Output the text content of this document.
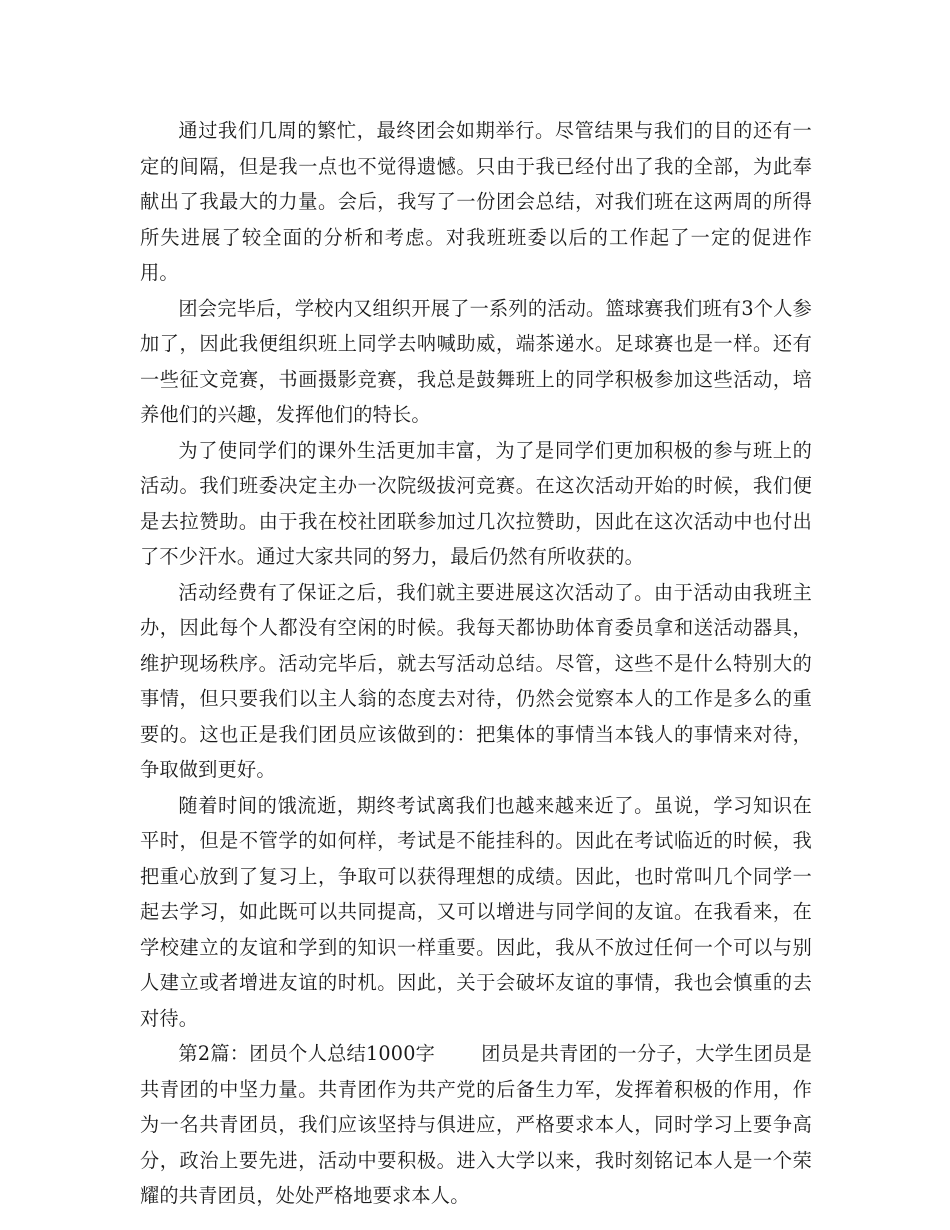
通过我们几周的繁忙，最终团会如期举行。尽管结果与我们的目的还有一定的间隔，但是我一点也不觉得遗憾。只由于我已经付出了我的全部，为此奉献出了我最大的力量。会后，我写了一份团会总结，对我们班在这两周的所得所失进展了较全面的分析和考虑。对我班班委以后的工作起了一定的促进作用。

团会完毕后，学校内又组织开展了一系列的活动。篮球赛我们班有3个人参加了，因此我便组织班上同学去呐喊助威，端茶递水。足球赛也是一样。还有一些征文竞赛，书画摄影竞赛，我总是鼓舞班上的同学积极参加这些活动，培养他们的兴趣，发挥他们的特长。

为了使同学们的课外生活更加丰富，为了是同学们更加积极的参与班上的活动。我们班委决定主办一次院级拔河竞赛。在这次活动开始的时候，我们便是去拉赞助。由于我在校社团联参加过几次拉赞助，因此在这次活动中也付出了不少汗水。通过大家共同的努力，最后仍然有所收获的。

活动经费有了保证之后，我们就主要进展这次活动了。由于活动由我班主办，因此每个人都没有空闲的时候。我每天都协助体育委员拿和送活动器具，维护现场秩序。活动完毕后，就去写活动总结。尽管，这些不是什么特别大的事情，但只要我们以主人翁的态度去对待，仍然会觉察本人的工作是多么的重要的。这也正是我们团员应该做到的：把集体的事情当本钱人的事情来对待，争取做到更好。

随着时间的饿流逝，期终考试离我们也越来越来近了。虽说，学习知识在平时，但是不管学的如何样，考试是不能挂科的。因此在考试临近的时候，我把重心放到了复习上，争取可以获得理想的成绩。因此，也时常叫几个同学一起去学习，如此既可以共同提高，又可以增进与同学间的友谊。在我看来，在学校建立的友谊和学到的知识一样重要。因此，我从不放过任何一个可以与别人建立或者增进友谊的时机。因此，关于会破坏友谊的事情，我也会慎重的去对待。

第2篇：团员个人总结1000字 团员是共青团的一分子，大学生团员是共青团的中坚力量。共青团作为共产党的后备生力军，发挥着积极的作用，作为一名共青团员，我们应该坚持与俱进应，严格要求本人，同时学习上要争高分，政治上要先进，活动中要积极。进入大学以来，我时刻铭记本人是一个荣耀的共青团员，处处严格地要求本人。
